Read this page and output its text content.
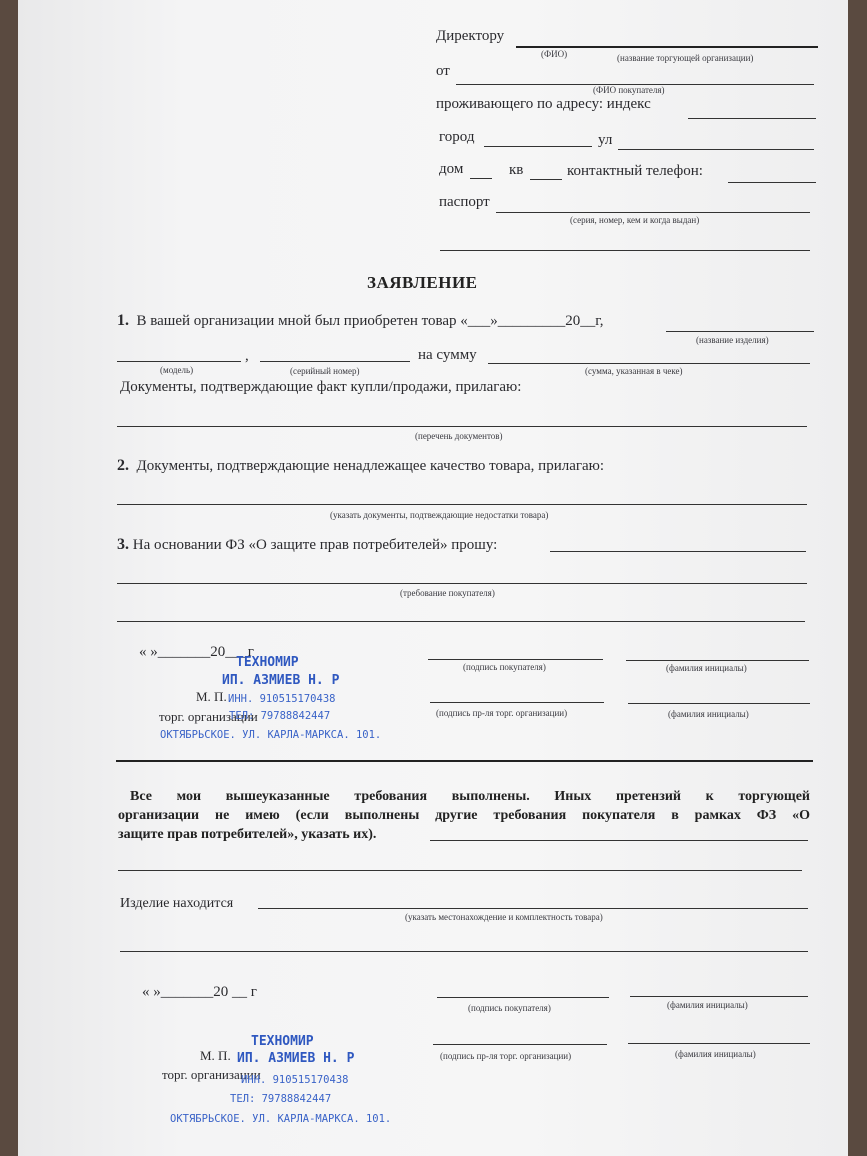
Директору
(ФИО)	(название торгующей организации)
от
(ФИО покупателя)
проживающего по адресу: индекс
город	ул
дом	кв	контактный телефон:
паспорт
(серия, номер, кем и когда выдан)
ЗАЯВЛЕНИЕ
1. В вашей организации мной был приобретен товар «___»_________20__г,
(название изделия)
,	на сумму
(модель)	(серийный номер)	(сумма, указанная в чеке)
Документы, подтверждающие факт купли/продажи, прилагаю:
(перечень документов)
2. Документы, подтверждающие ненадлежащее качество товара, прилагаю:
(указать документы, подтвеждающие недостатки товара)
3. На основании ФЗ «О защите прав потребителей» прошу:
(требование покупателя)
« »_______20___г
(подпись покупателя)	(фамилия инициалы)
М. П.
торг. организации	(подпись пр-ля торг. организации)	(фамилия инициалы)
ТЕХНОМИР
ИП. АЗМИЕВ Н. Р
ИНН. 910515170438
ТЕЛ: 79788842447
ОКТЯБРЬСКОЕ. УЛ. КАРЛА-МАРКСА. 101.
Все мои вышеуказанные требования выполнены. Иных претензий к торгующей
организации не имею (если выполнены другие требования покупателя в рамках ФЗ «О
защите прав потребителей», указать их).
Изделие находится
(указать местонахождение и комплектность товара)
« »_______20 __ г
(подпись покупателя)	(фамилия инициалы)
М. П.
торг. организации
(подпись пр-ля торг. организации)	(фамилия инициалы)
ТЕХНОМИР
ИП. АЗМИЕВ Н. Р
ИНН. 910515170438
ТЕЛ: 79788842447
ОКТЯБРЬСКОЕ. УЛ. КАРЛА-МАРКСА. 101.
